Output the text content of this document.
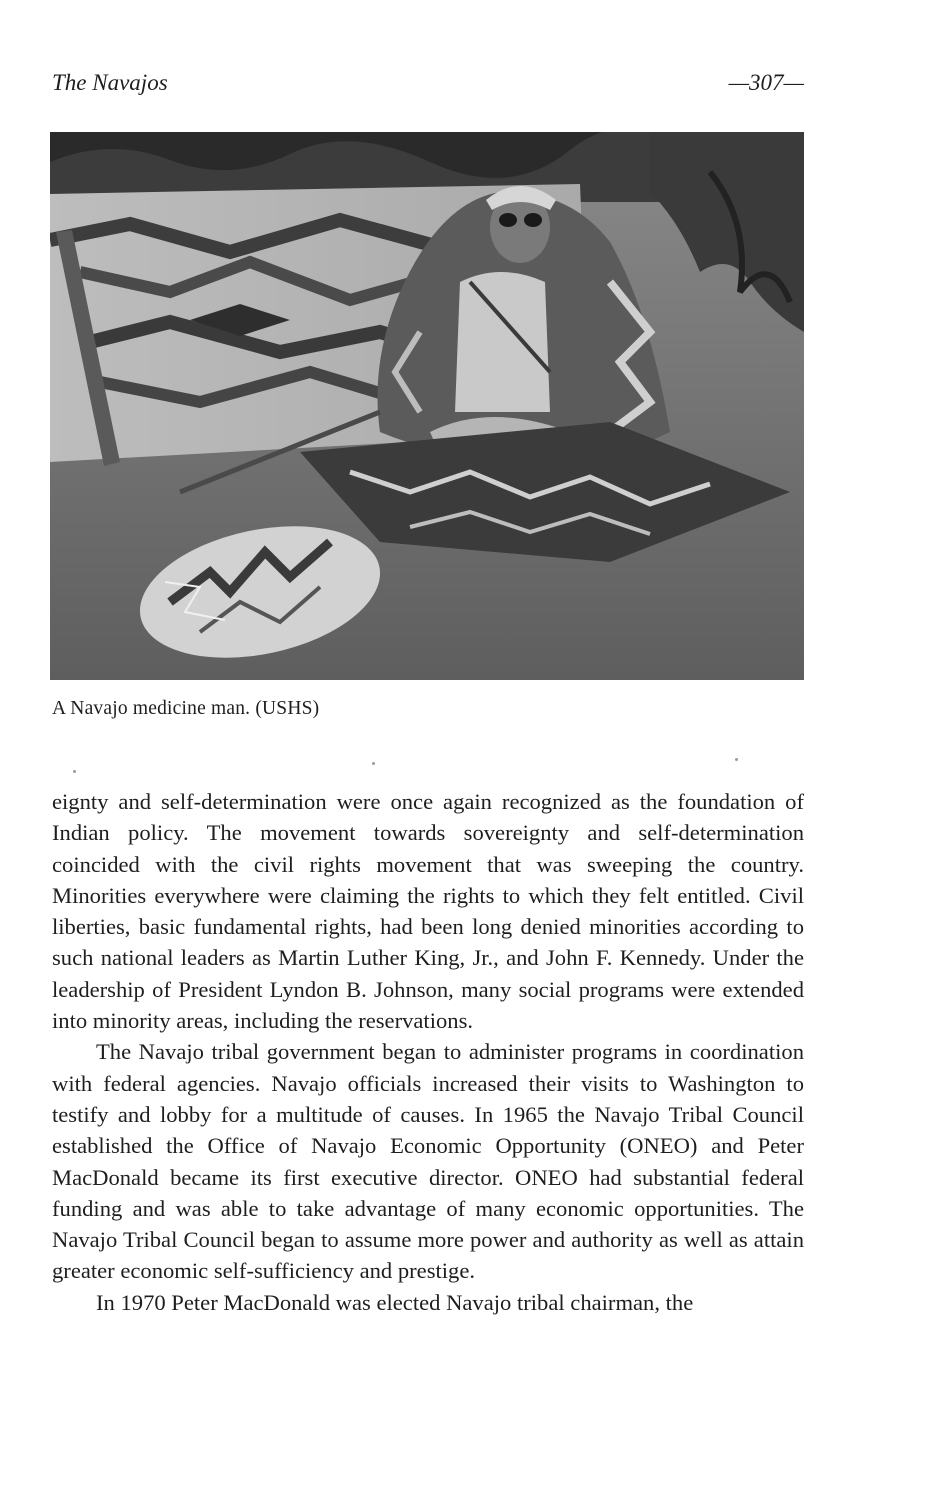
The Navajos	—307—
A Navajo medicine man. (USHS)

eignty and self-determination were once again recognized as the foundation of Indian policy. The movement towards sovereignty and self-determination coincided with the civil rights movement that was sweeping the country. Minorities everywhere were claiming the rights to which they felt entitled. Civil liberties, basic fundamental rights, had been long denied minorities according to such national leaders as Martin Luther King, Jr., and John F. Kennedy. Under the leadership of President Lyndon B. Johnson, many social programs were extended into minority areas, including the reservations.

The Navajo tribal government began to administer programs in coordination with federal agencies. Navajo officials increased their visits to Washington to testify and lobby for a multitude of causes. In 1965 the Navajo Tribal Council established the Office of Navajo Economic Opportunity (ONEO) and Peter MacDonald became its first executive director. ONEO had substantial federal funding and was able to take advantage of many economic opportunities. The Navajo Tribal Council began to assume more power and authority as well as attain greater economic self-sufficiency and prestige.

In 1970 Peter MacDonald was elected Navajo tribal chairman, the
